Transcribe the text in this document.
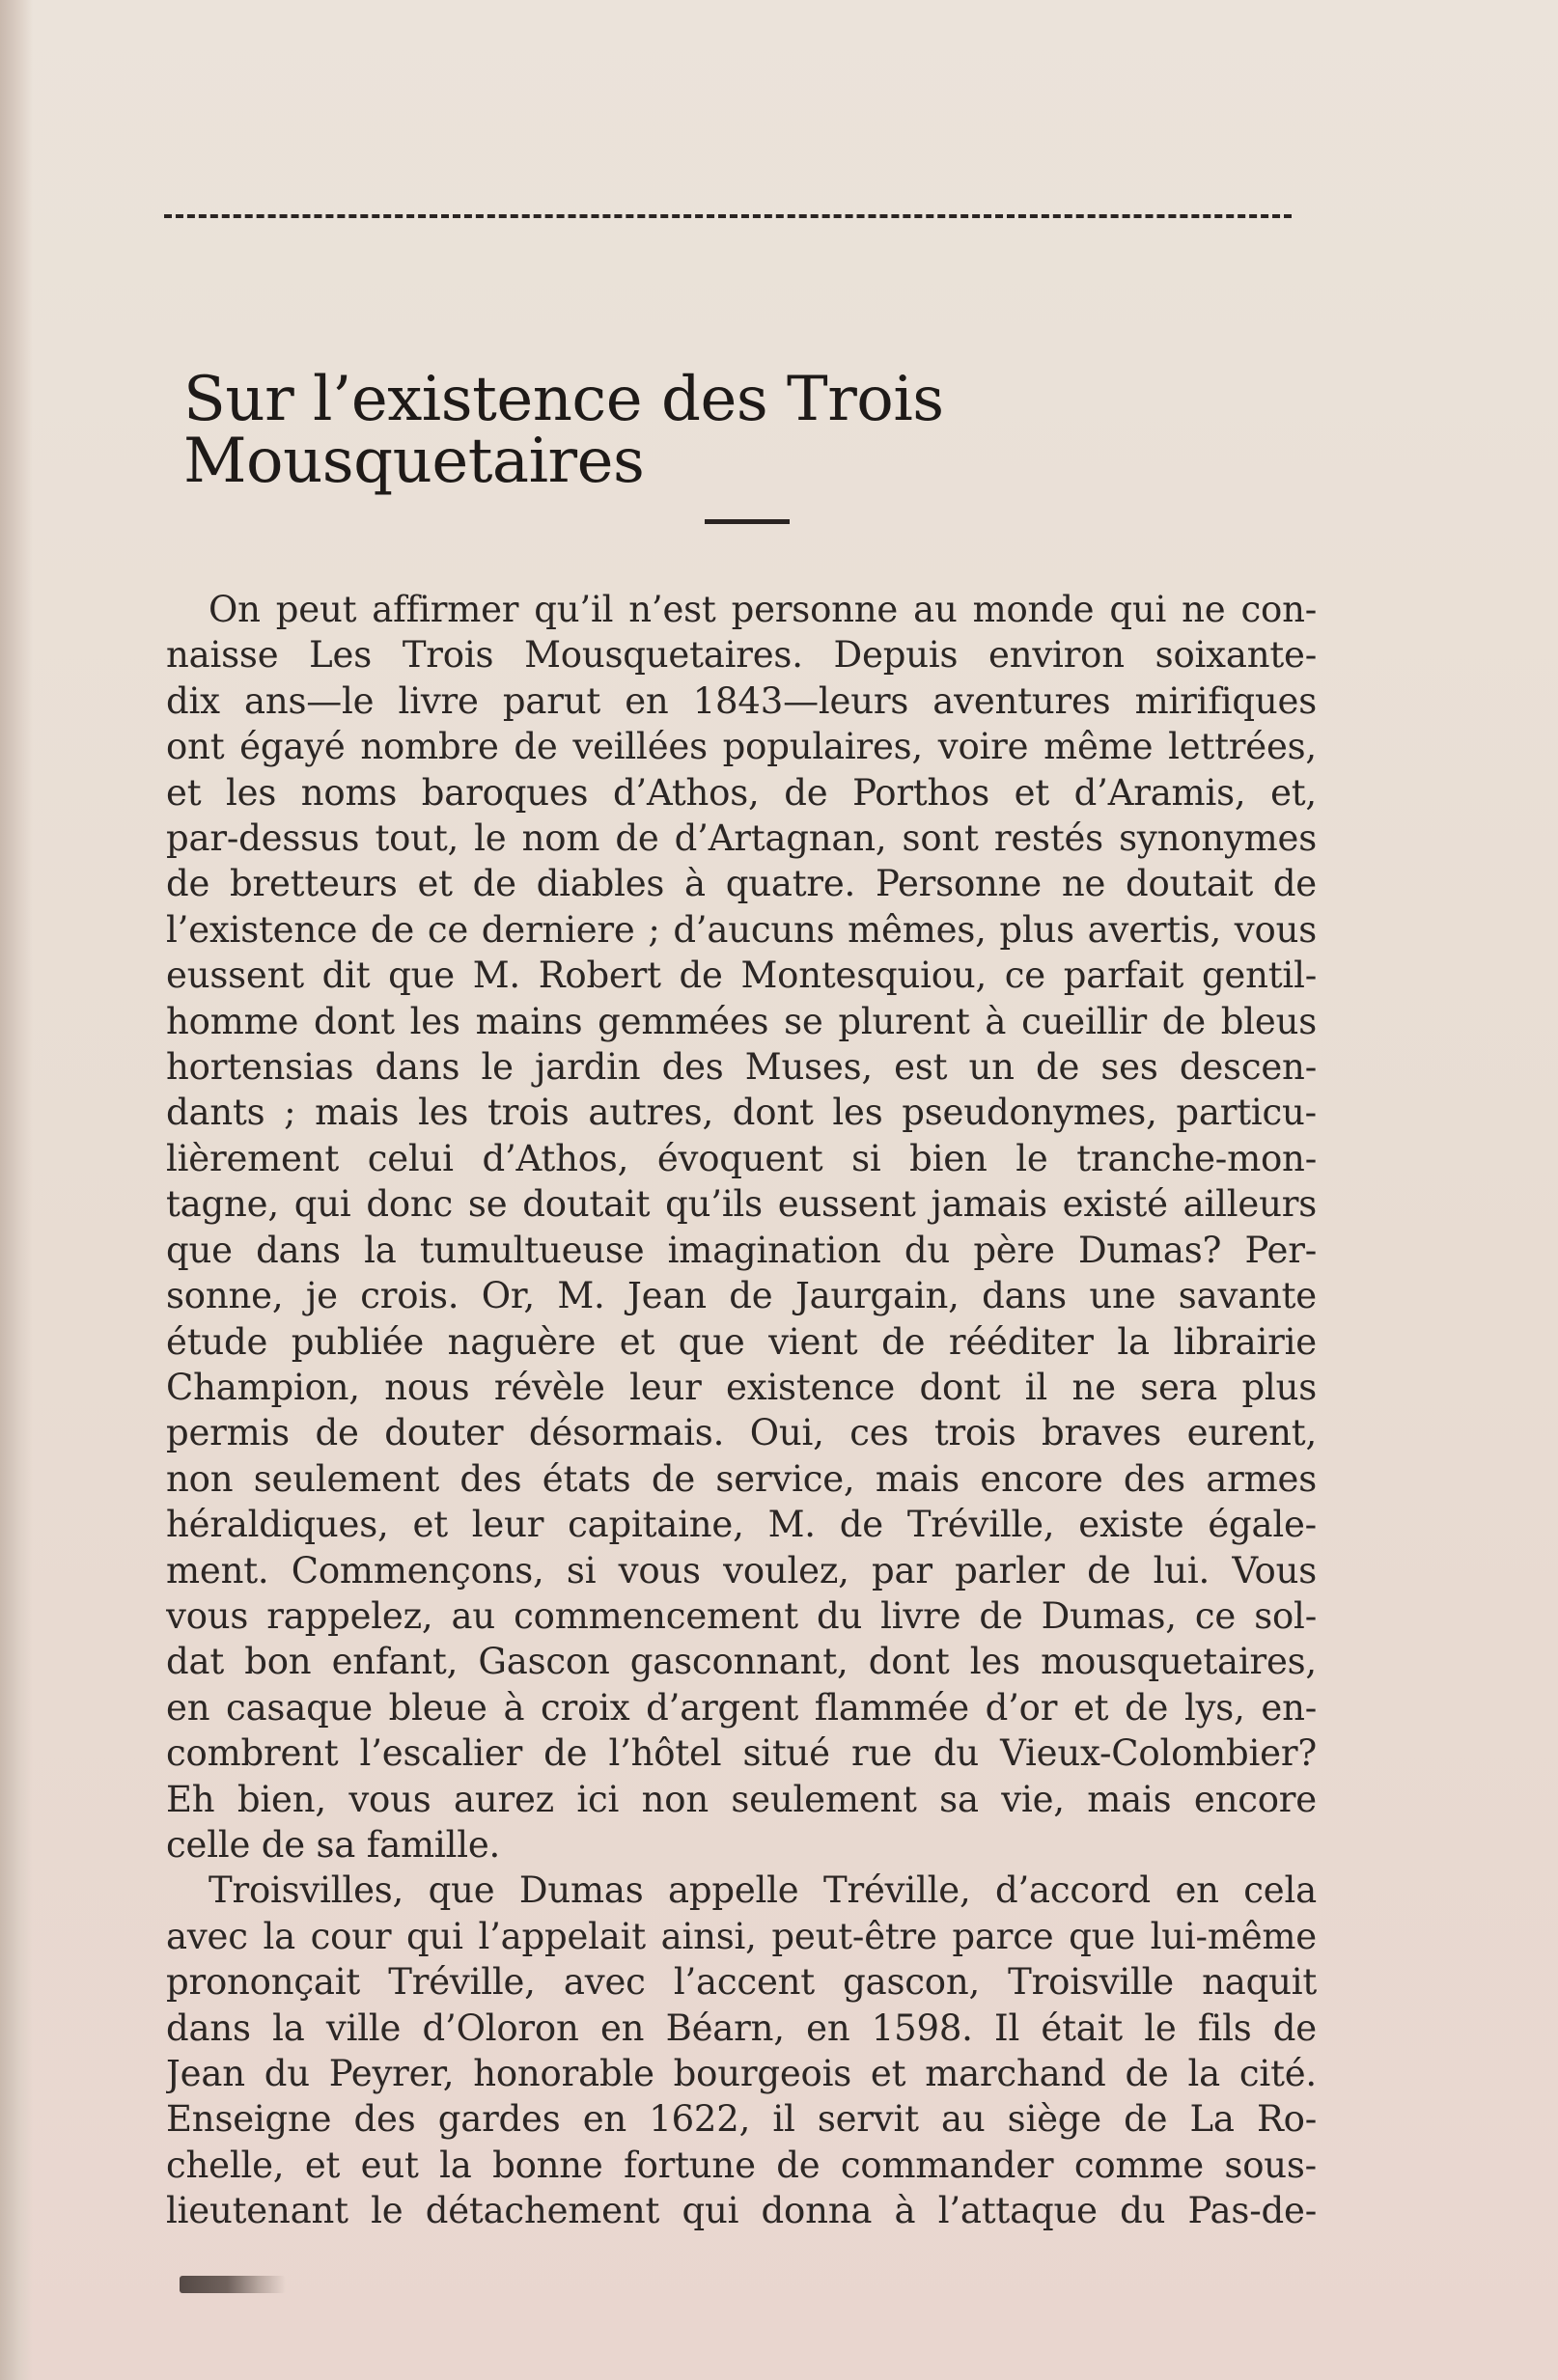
Sur l’existence des Trois Mousquetaires

On peut affirmer qu’il n’est personne au monde qui ne con-
naisse Les Trois Mousquetaires. Depuis environ soixante-
dix ans—le livre parut en 1843—leurs aventures mirifiques
ont égayé nombre de veillées populaires, voire même lettrées,
et les noms baroques d’Athos, de Porthos et d’Aramis, et,
par-dessus tout, le nom de d’Artagnan, sont restés synonymes
de bretteurs et de diables à quatre. Personne ne doutait de
l’existence de ce derniere ; d’aucuns mêmes, plus avertis, vous
eussent dit que M. Robert de Montesquiou, ce parfait gentil-
homme dont les mains gemmées se plurent à cueillir de bleus
hortensias dans le jardin des Muses, est un de ses descen-
dants ; mais les trois autres, dont les pseudonymes, particu-
lièrement celui d’Athos, évoquent si bien le tranche-mon-
tagne, qui donc se doutait qu’ils eussent jamais existé ailleurs
que dans la tumultueuse imagination du père Dumas? Per-
sonne, je crois. Or, M. Jean de Jaurgain, dans une savante
étude publiée naguère et que vient de rééditer la librairie
Champion, nous révèle leur existence dont il ne sera plus
permis de douter désormais. Oui, ces trois braves eurent,
non seulement des états de service, mais encore des armes
héraldiques, et leur capitaine, M. de Tréville, existe égale-
ment. Commençons, si vous voulez, par parler de lui. Vous
vous rappelez, au commencement du livre de Dumas, ce sol-
dat bon enfant, Gascon gasconnant, dont les mousquetaires,
en casaque bleue à croix d’argent flammée d’or et de lys, en-
combrent l’escalier de l’hôtel situé rue du Vieux-Colombier?
Eh bien, vous aurez ici non seulement sa vie, mais encore
celle de sa famille.

Troisvilles, que Dumas appelle Tréville, d’accord en cela
avec la cour qui l’appelait ainsi, peut-être parce que lui-même
prononçait Tréville, avec l’accent gascon, Troisville naquit
dans la ville d’Oloron en Béarn, en 1598. Il était le fils de
Jean du Peyrer, honorable bourgeois et marchand de la cité.
Enseigne des gardes en 1622, il servit au siège de La Ro-
chelle, et eut la bonne fortune de commander comme sous-
lieutenant le détachement qui donna à l’attaque du Pas-de-
